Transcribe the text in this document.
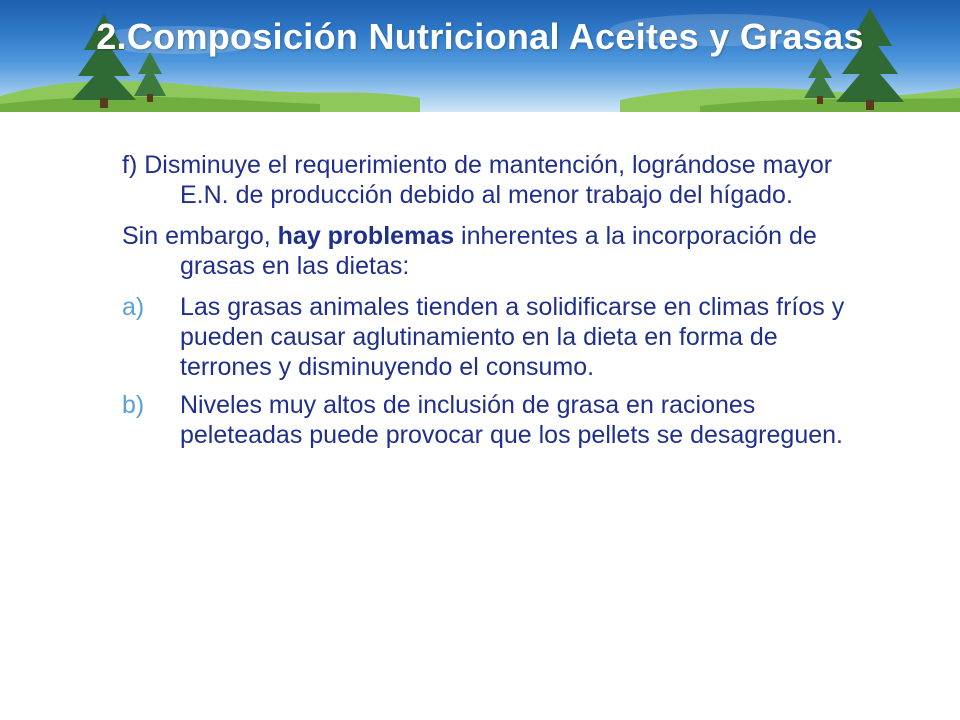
2.Composición Nutricional Aceites y Grasas

f) Disminuye el requerimiento de mantención, lográndose mayor E.N. de producción debido al menor trabajo del hígado.

Sin embargo, hay problemas inherentes a la incorporación de grasas en las dietas:

a) Las grasas animales tienden a solidificarse en climas fríos y pueden causar aglutinamiento en la dieta en forma de terrones y disminuyendo el consumo.
b) Niveles muy altos de inclusión de grasa en raciones peleteadas puede provocar que los pellets se desagreguen.
